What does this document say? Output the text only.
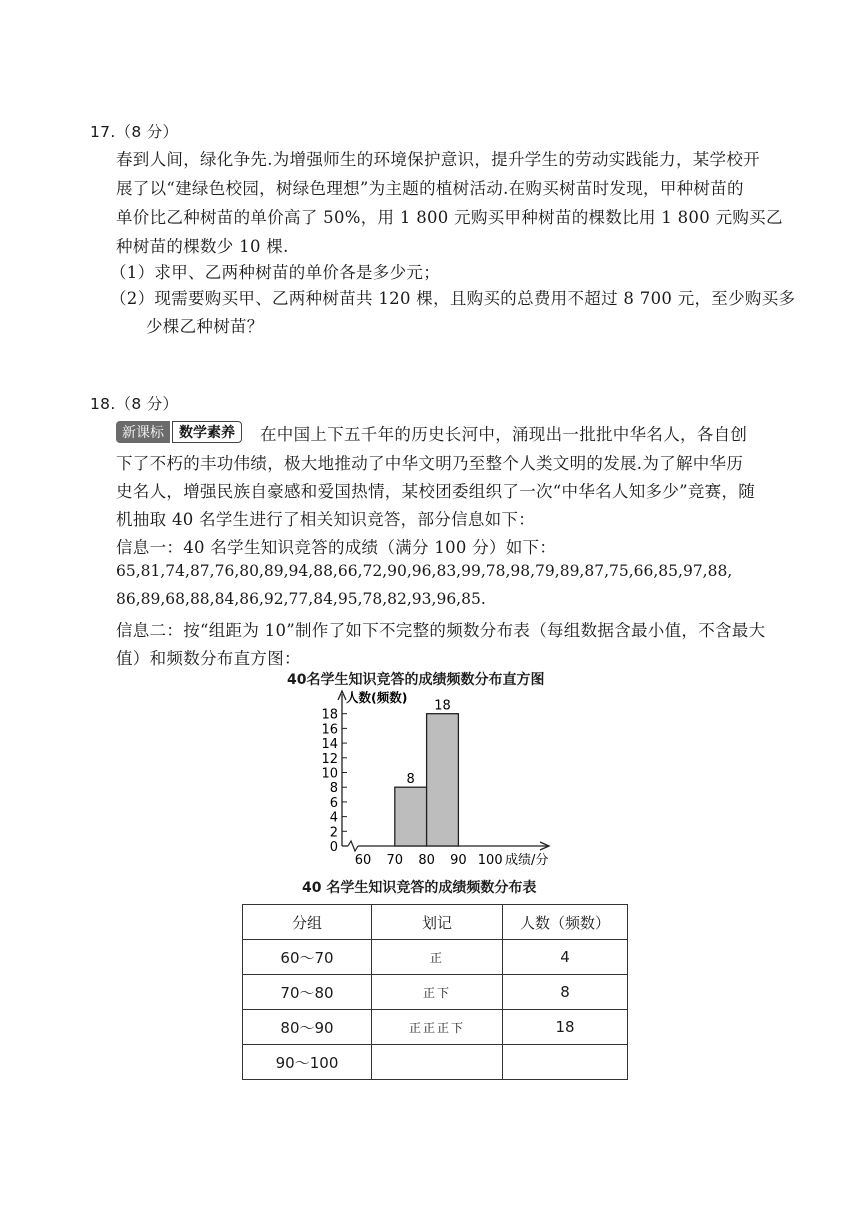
17.（8 分）
春到人间，绿化争先.为增强师生的环境保护意识，提升学生的劳动实践能力，某学校开
展了以“建绿色校园，树绿色理想”为主题的植树活动.在购买树苗时发现，甲种树苗的
单价比乙种树苗的单价高了 50%，用 1 800 元购买甲种树苗的棵数比用 1 800 元购买乙
种树苗的棵数少 10 棵.
（1）求甲、乙两种树苗的单价各是多少元；
（2）现需要购买甲、乙两种树苗共 120 棵，且购买的总费用不超过 8 700 元，至少购买多
少棵乙种树苗？
18.（8 分）
新课标	数学素养	在中国上下五千年的历史长河中，涌现出一批批中华名人，各自创
下了不朽的丰功伟绩，极大地推动了中华文明乃至整个人类文明的发展.为了解中华历
史名人，增强民族自豪感和爱国热情，某校团委组织了一次“中华名人知多少”竞赛，随
机抽取 40 名学生进行了相关知识竞答，部分信息如下：
信息一：40 名学生知识竞答的成绩（满分 100 分）如下：
65,81,74,87,76,80,89,94,88,66,72,90,96,83,99,78,98,79,89,87,75,66,85,97,88,
86,89,68,88,84,86,92,77,84,95,78,82,93,96,85.
信息二：按“组距为 10”制作了如下不完整的频数分布表（每组数据含最小值，不含最大
值）和频数分布直方图：
40名学生知识竞答的成绩频数分布直方图
0
2
4
6
8
10
12
14
16
18
60 70 80 90 100
8
18
人数(频数)
成绩/分
40 名学生知识竞答的成绩频数分布表
分组	划记	人数（频数）
60～70	正	4
70～80	正下	8
80～90	正正正下	18
90～100		
